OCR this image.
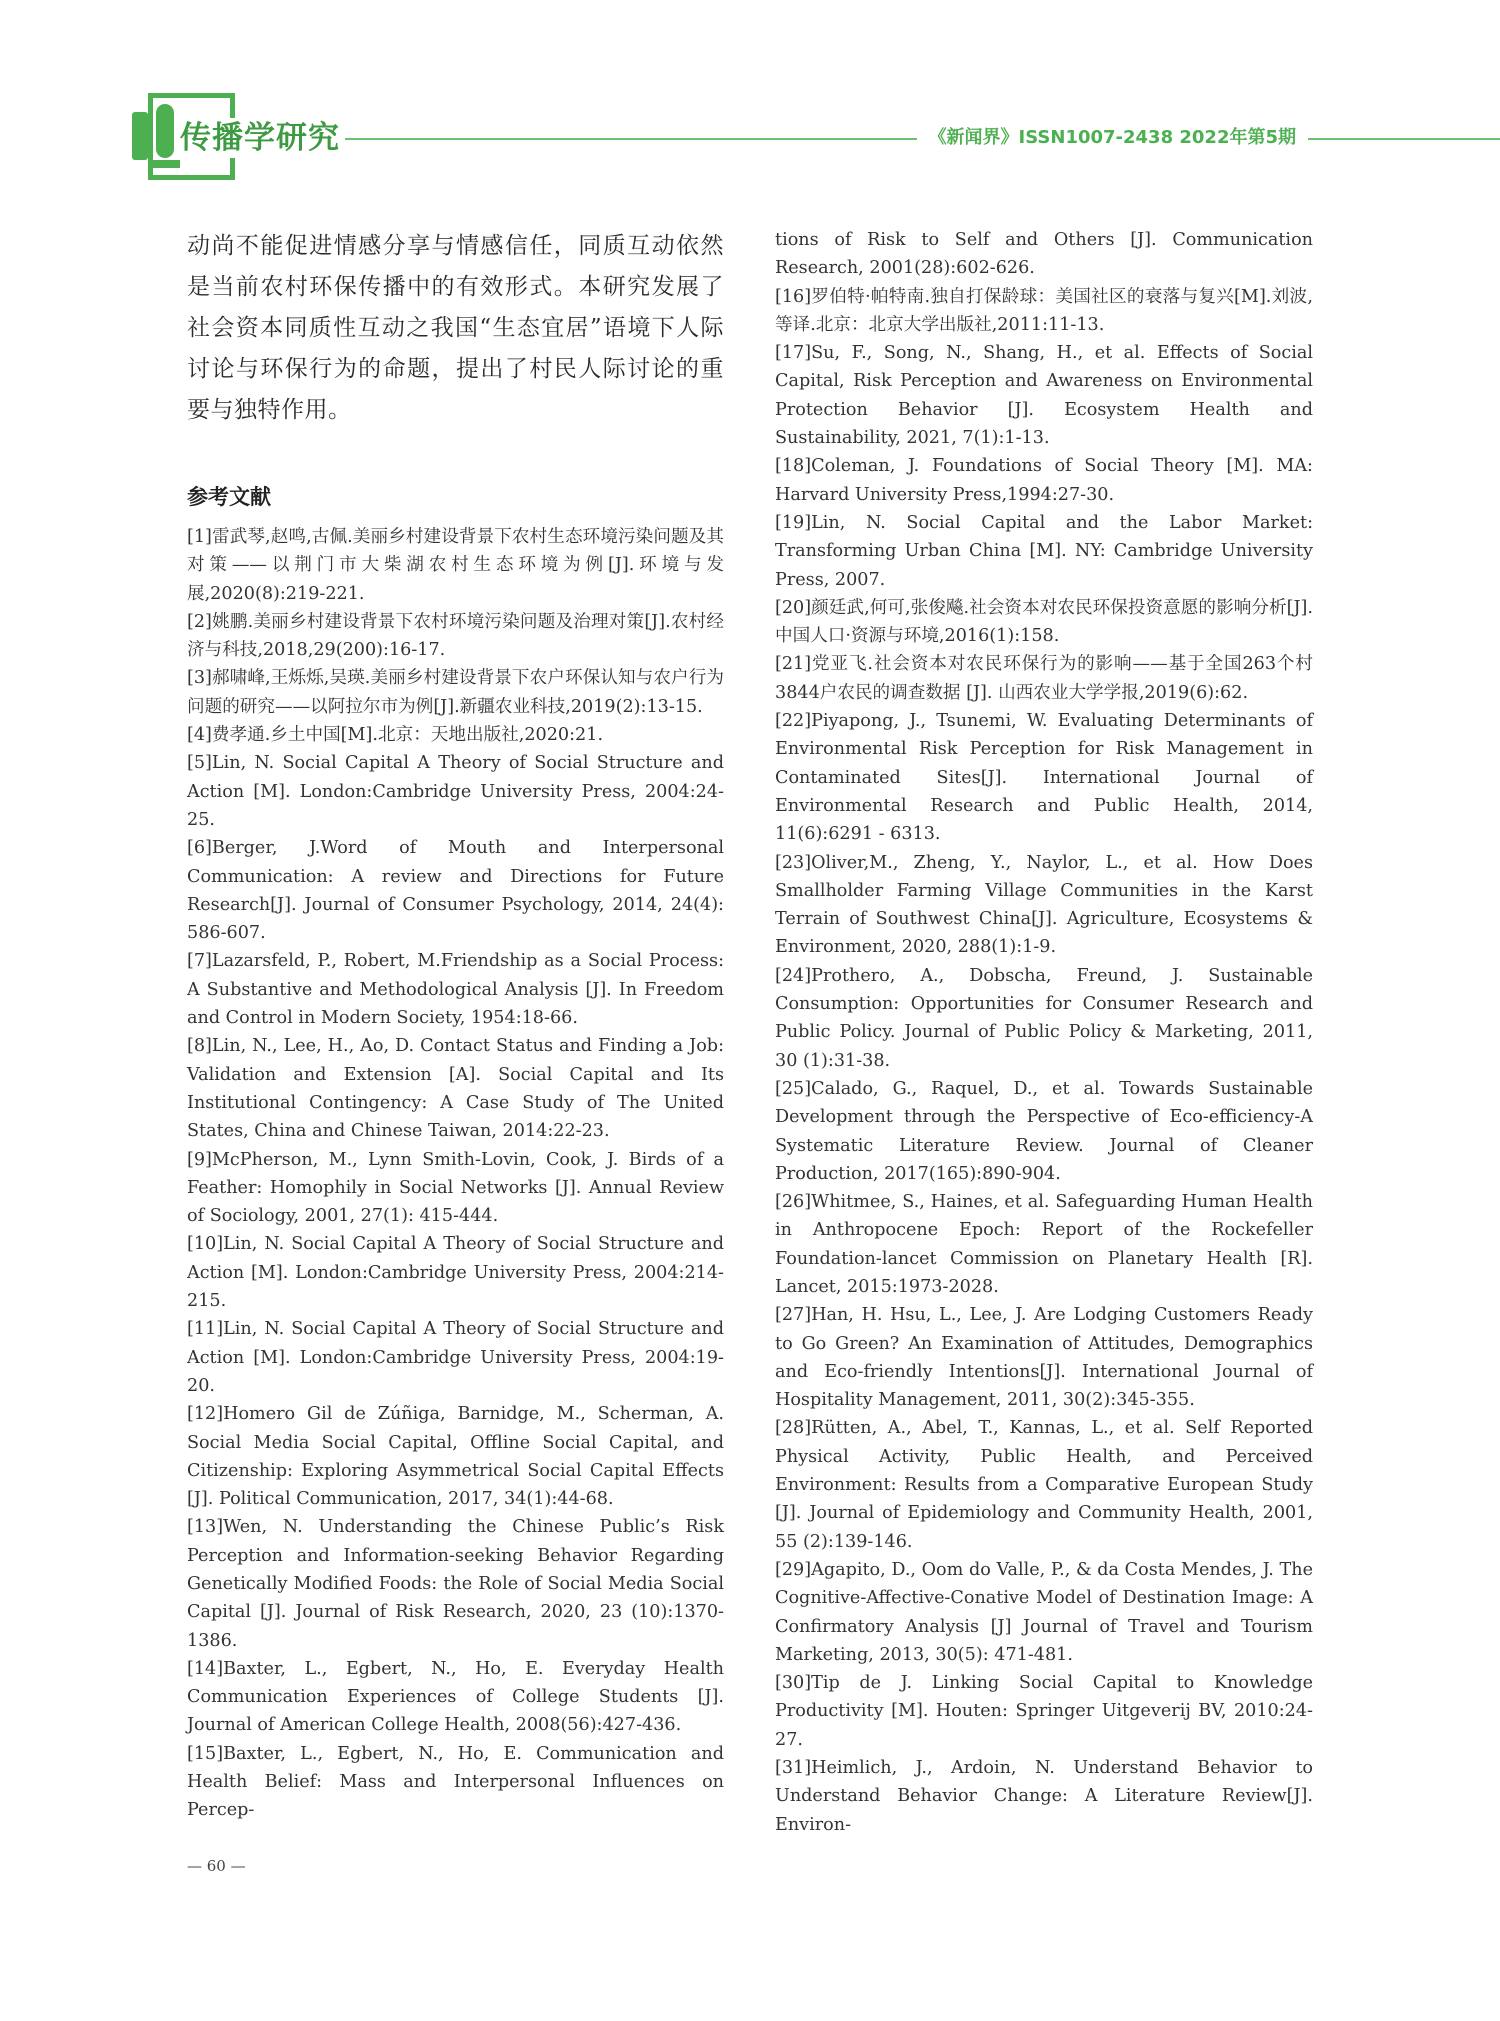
传播学研究	《新闻界》ISSN1007-2438 2022年第5期

动尚不能促进情感分享与情感信任，同质互动依然是当前农村环保传播中的有效形式。本研究发展了社会资本同质性互动之我国“生态宜居”语境下人际讨论与环保行为的命题，提出了村民人际讨论的重要与独特作用。

参考文献
[1]雷武琴,赵鸣,古佩.美丽乡村建设背景下农村生态环境污染问题及其对策——以荆门市大柴湖农村生态环境为例[J].环境与发展,2020(8):219-221.
[2]姚鹏.美丽乡村建设背景下农村环境污染问题及治理对策[J].农村经济与科技,2018,29(200):16-17.
[3]郝啸峰,王烁烁,吴瑛.美丽乡村建设背景下农户环保认知与农户行为问题的研究——以阿拉尔市为例[J].新疆农业科技,2019(2):13-15.
[4]费孝通.乡土中国[M].北京：天地出版社,2020:21.
[5]Lin, N. Social Capital A Theory of Social Structure and Action [M]. London:Cambridge University Press, 2004:24-25.
[6]Berger, J.Word of Mouth and Interpersonal Communication: A review and Directions for Future Research[J]. Journal of Consumer Psychology, 2014, 24(4): 586-607.
[7]Lazarsfeld, P., Robert, M.Friendship as a Social Process: A Substantive and Methodological Analysis [J]. In Freedom and Control in Modern Society, 1954:18-66.
[8]Lin, N., Lee, H., Ao, D. Contact Status and Finding a Job: Validation and Extension [A]. Social Capital and Its Institutional Contingency: A Case Study of The United States, China and Chinese Taiwan, 2014:22-23.
[9]McPherson, M., Lynn Smith-Lovin, Cook, J. Birds of a Feather: Homophily in Social Networks [J]. Annual Review of Sociology, 2001, 27(1): 415-444.
[10]Lin, N. Social Capital A Theory of Social Structure and Action [M]. London:Cambridge University Press, 2004:214-215.
[11]Lin, N. Social Capital A Theory of Social Structure and Action [M]. London:Cambridge University Press, 2004:19-20.
[12]Homero Gil de Zúñiga, Barnidge, M., Scherman, A. Social Media Social Capital, Offline Social Capital, and Citizenship: Exploring Asymmetrical Social Capital Effects [J]. Political Communication, 2017, 34(1):44-68.
[13]Wen, N. Understanding the Chinese Public’s Risk Perception and Information-seeking Behavior Regarding Genetically Modified Foods: the Role of Social Media Social Capital [J]. Journal of Risk Research, 2020, 23 (10):1370-1386.
[14]Baxter, L., Egbert, N., Ho, E. Everyday Health Communication Experiences of College Students [J]. Journal of American College Health, 2008(56):427-436.
[15]Baxter, L., Egbert, N., Ho, E. Communication and Health Belief: Mass and Interpersonal Influences on Percep-
tions of Risk to Self and Others [J]. Communication Research, 2001(28):602-626.
[16]罗伯特·帕特南.独自打保龄球：美国社区的衰落与复兴[M].刘波,等译.北京：北京大学出版社,2011:11-13.
[17]Su, F., Song, N., Shang, H., et al. Effects of Social Capital, Risk Perception and Awareness on Environmental Protection Behavior [J]. Ecosystem Health and Sustainability, 2021, 7(1):1-13.
[18]Coleman, J. Foundations of Social Theory [M]. MA: Harvard University Press,1994:27-30.
[19]Lin, N. Social Capital and the Labor Market: Transforming Urban China [M]. NY: Cambridge University Press, 2007.
[20]颜廷武,何可,张俊飚.社会资本对农民环保投资意愿的影响分析[J].中国人口·资源与环境,2016(1):158.
[21]党亚飞.社会资本对农民环保行为的影响——基于全国263个村3844户农民的调查数据 [J]. 山西农业大学学报,2019(6):62.
[22]Piyapong, J., Tsunemi, W. Evaluating Determinants of Environmental Risk Perception for Risk Management in Contaminated Sites[J]. International Journal of Environmental Research and Public Health, 2014, 11(6):6291 - 6313.
[23]Oliver,M., Zheng, Y., Naylor, L., et al. How Does Smallholder Farming Village Communities in the Karst Terrain of Southwest China[J]. Agriculture, Ecosystems & Environment, 2020, 288(1):1-9.
[24]Prothero, A., Dobscha, Freund, J. Sustainable Consumption: Opportunities for Consumer Research and Public Policy. Journal of Public Policy & Marketing, 2011, 30 (1):31-38.
[25]Calado, G., Raquel, D., et al. Towards Sustainable Development through the Perspective of Eco-efficiency-A Systematic Literature Review. Journal of Cleaner Production, 2017(165):890-904.
[26]Whitmee, S., Haines, et al. Safeguarding Human Health in Anthropocene Epoch: Report of the Rockefeller Foundation-lancet Commission on Planetary Health [R]. Lancet, 2015:1973-2028.
[27]Han, H. Hsu, L., Lee, J. Are Lodging Customers Ready to Go Green? An Examination of Attitudes, Demographics and Eco-friendly Intentions[J]. International Journal of Hospitality Management, 2011, 30(2):345-355.
[28]Rütten, A., Abel, T., Kannas, L., et al. Self Reported Physical Activity, Public Health, and Perceived Environment: Results from a Comparative European Study [J]. Journal of Epidemiology and Community Health, 2001, 55 (2):139-146.
[29]Agapito, D., Oom do Valle, P., & da Costa Mendes, J. The Cognitive-Affective-Conative Model of Destination Image: A Confirmatory Analysis [J] Journal of Travel and Tourism Marketing, 2013, 30(5): 471-481.
[30]Tip de J. Linking Social Capital to Knowledge Productivity [M]. Houten: Springer Uitgeverij BV, 2010:24-27.
[31]Heimlich, J., Ardoin, N. Understand Behavior to Understand Behavior Change: A Literature Review[J]. Environ-
— 60 —
